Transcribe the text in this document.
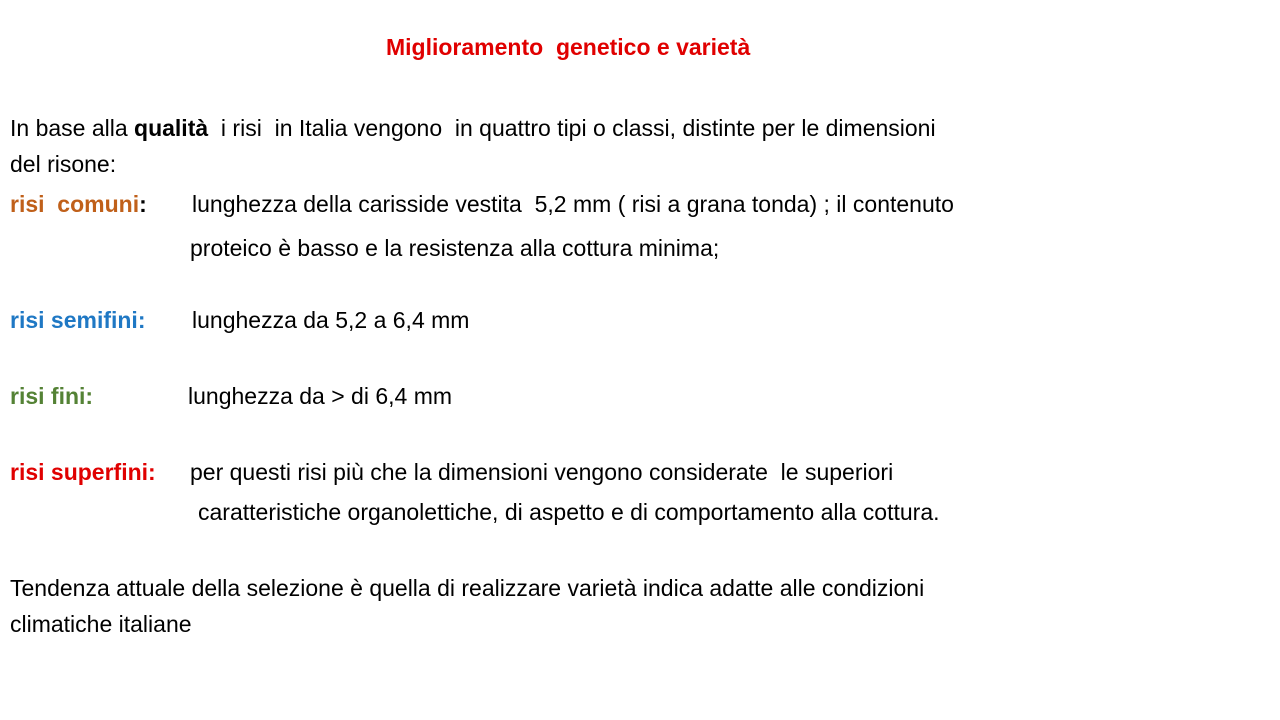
Miglioramento  genetico e varietà
In base alla qualità  i risi  in Italia vengono  in quattro tipi o classi, distinte per le dimensioni
del risone:
risi  comuni: lunghezza della carisside vestita  5,2 mm ( risi a grana tonda) ; il contenuto
proteico è basso e la resistenza alla cottura minima;
risi semifini: lunghezza da 5,2 a 6,4 mm
risi fini:	lunghezza da > di 6,4 mm
risi superfini: per questi risi più che la dimensioni vengono considerate  le superiori
caratteristiche organolettiche, di aspetto e di comportamento alla cottura.
Tendenza attuale della selezione è quella di realizzare varietà indica adatte alle condizioni
climatiche italiane
